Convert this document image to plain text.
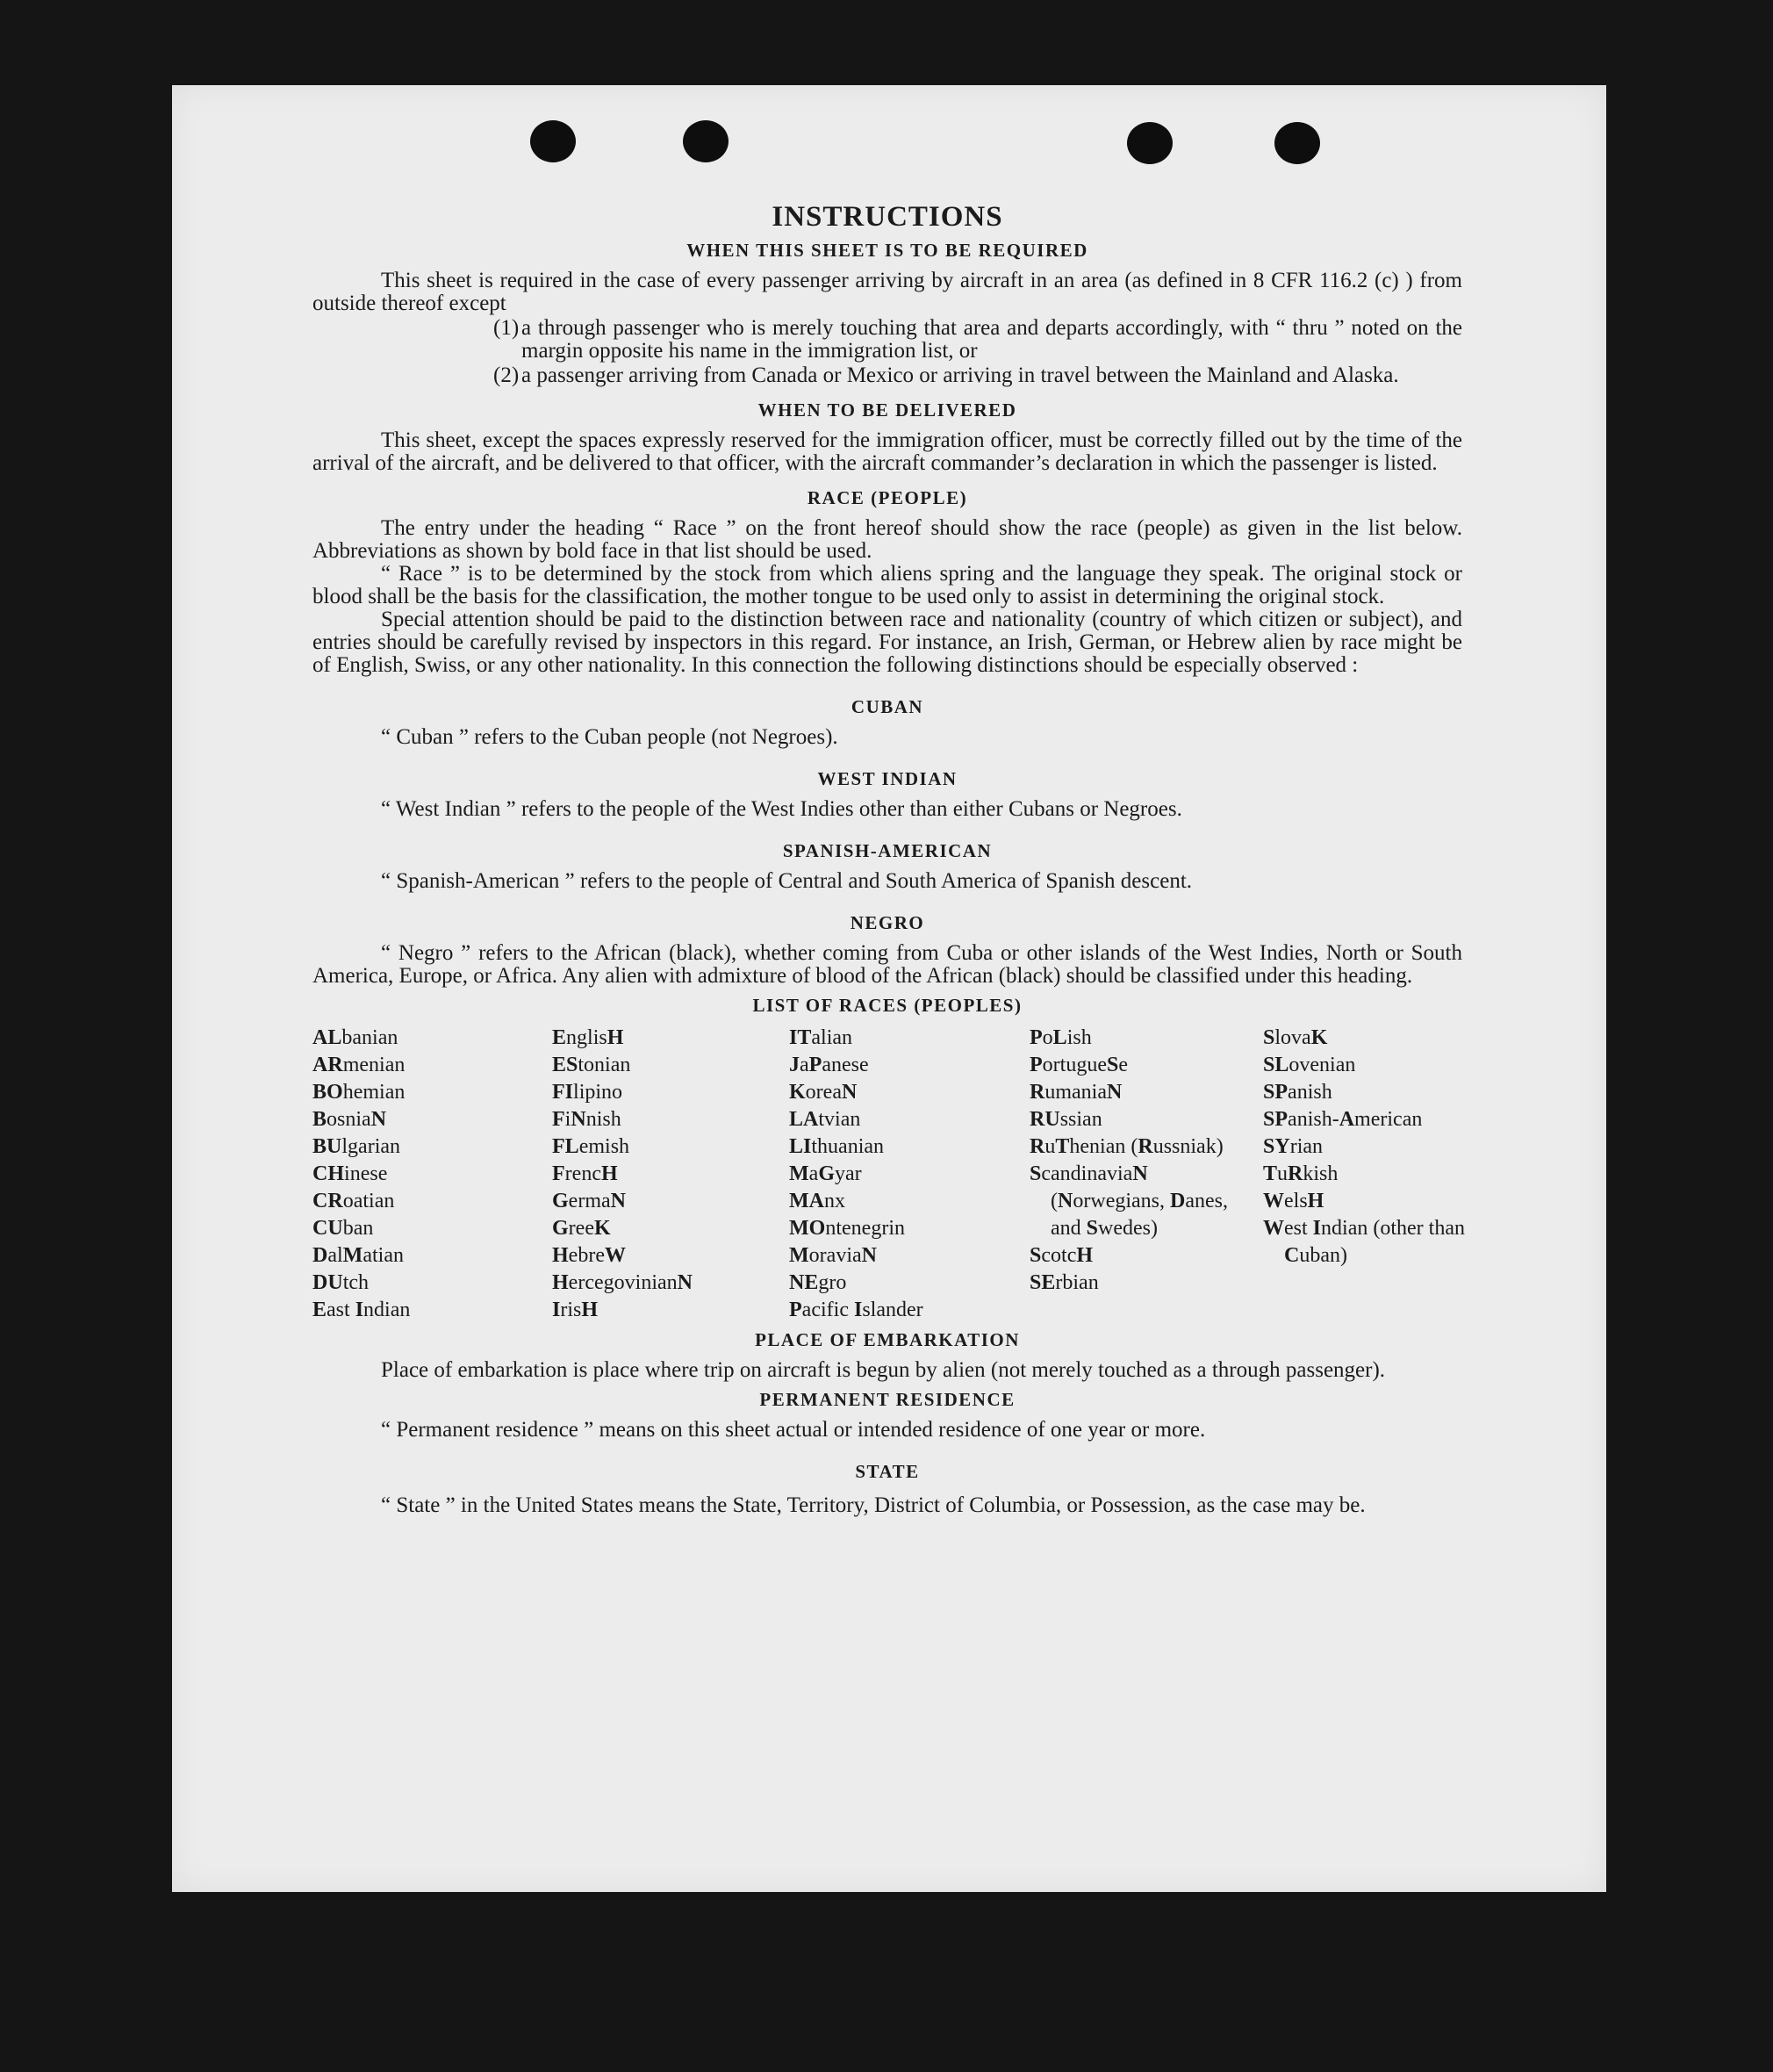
INSTRUCTIONS
WHEN THIS SHEET IS TO BE REQUIRED

This sheet is required in the case of every passenger arriving by aircraft in an area (as defined in 8 CFR 116.2 (c) ) from outside thereof except

(1) a through passenger who is merely touching that area and departs accordingly, with “ thru ” noted on the margin opposite his name in the immigration list, or

(2) a passenger arriving from Canada or Mexico or arriving in travel between the Mainland and Alaska.

WHEN TO BE DELIVERED

This sheet, except the spaces expressly reserved for the immigration officer, must be correctly filled out by the time of the arrival of the aircraft, and be delivered to that officer, with the aircraft commander’s declaration in which the passenger is listed.

RACE (PEOPLE)

The entry under the heading “ Race ” on the front hereof should show the race (people) as given in the list below. Abbreviations as shown by bold face in that list should be used.

“ Race ” is to be determined by the stock from which aliens spring and the language they speak. The original stock or blood shall be the basis for the classification, the mother tongue to be used only to assist in determining the original stock.

Special attention should be paid to the distinction between race and nationality (country of which citizen or subject), and entries should be carefully revised by inspectors in this regard. For instance, an Irish, German, or Hebrew alien by race might be of English, Swiss, or any other nationality. In this connection the following distinctions should be especially observed :

CUBAN

“ Cuban ” refers to the Cuban people (not Negroes).

WEST INDIAN

“ West Indian ” refers to the people of the West Indies other than either Cubans or Negroes.

SPANISH-AMERICAN

“ Spanish-American ” refers to the people of Central and South America of Spanish descent.

NEGRO

“ Negro ” refers to the African (black), whether coming from Cuba or other islands of the West Indies, North or South America, Europe, or Africa. Any alien with admixture of blood of the African (black) should be classified under this heading.

LIST OF RACES (PEOPLES)
ALbanian
ARmenian
BOhemian
BosniaN
BUlgarian
CHinese
CRoatian
CUban
DalMatian
DUtch
East Indian
EnglisH
EStonian
FIlipino
FiNnish
FLemish
FrencH
GermaN
GreeK
HebreW
HercegovinianN
IrisH
ITalian
JaPanese
KoreaN
LAtvian
LIthuanian
MaGyar
MAnx
MOntenegrin
MoraviaN
NEgro
Pacific Islander
PoLish
PortugueSe
RumaniaN
RUssian
RuThenian (Russniak)
ScandinaviaN (Norwegians, Danes, and Swedes)
ScotcH
SErbian
SlovaK
SLovenian
SPanish
SPanish-American
SYrian
TuRkish
WelsH
West Indian (other than Cuban)
PLACE OF EMBARKATION

Place of embarkation is place where trip on aircraft is begun by alien (not merely touched as a through passenger).

PERMANENT RESIDENCE

“ Permanent residence ” means on this sheet actual or intended residence of one year or more.

STATE

“ State ” in the United States means the State, Territory, District of Columbia, or Possession, as the case may be.
